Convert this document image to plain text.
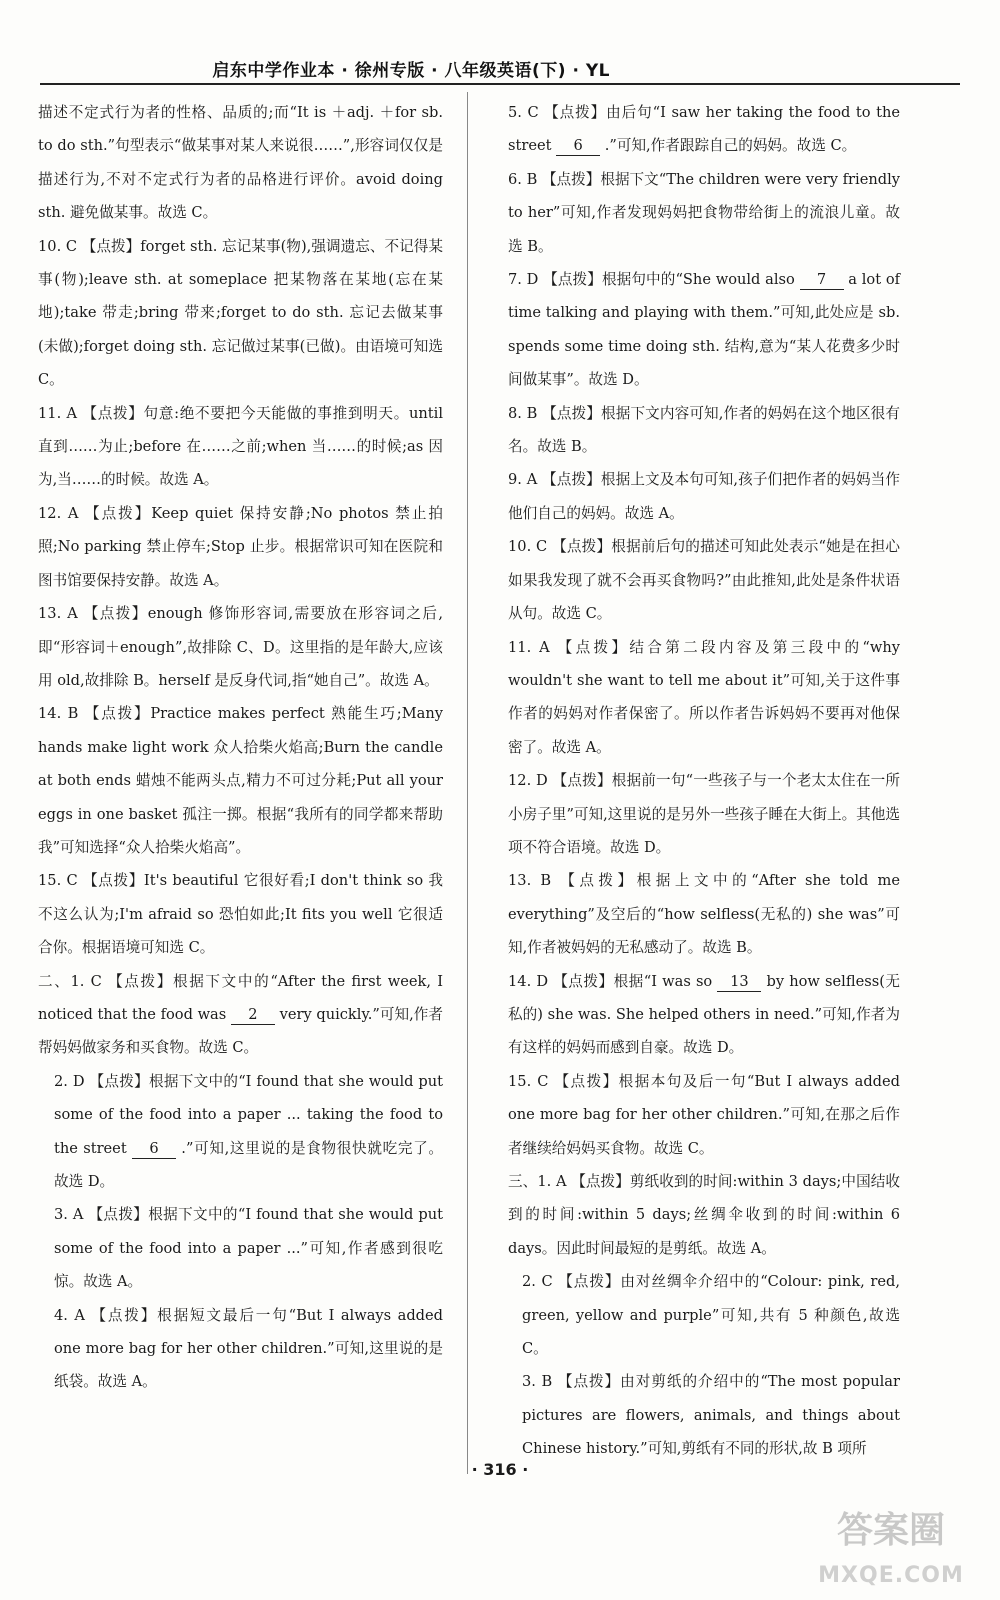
启东中学作业本 · 徐州专版 · 八年级英语(下) · YL

描述不定式行为者的性格、品质的;而“It is ＋adj. ＋for sb. to do sth.”句型表示“做某事对某人来说很……”,形容词仅仅是描述行为,不对不定式行为者的品格进行评价。avoid doing sth. 避免做某事。故选 C。

10. C 【点拨】forget sth. 忘记某事(物),强调遗忘、不记得某事(物);leave sth. at someplace 把某物落在某地(忘在某地);take 带走;bring 带来;forget to do sth. 忘记去做某事(未做);forget doing sth. 忘记做过某事(已做)。由语境可知选 C。

11. A 【点拨】句意:绝不要把今天能做的事推到明天。until 直到……为止;before 在……之前;when 当……的时候;as 因为,当……的时候。故选 A。

12. A 【点拨】Keep quiet 保持安静;No photos 禁止拍照;No parking 禁止停车;Stop 止步。根据常识可知在医院和图书馆要保持安静。故选 A。

13. A 【点拨】enough 修饰形容词,需要放在形容词之后,即“形容词＋enough”,故排除 C、D。这里指的是年龄大,应该用 old,故排除 B。herself 是反身代词,指“她自己”。故选 A。

14. B 【点拨】Practice makes perfect 熟能生巧;Many hands make light work 众人拾柴火焰高;Burn the candle at both ends 蜡烛不能两头点,精力不可过分耗;Put all your eggs in one basket 孤注一掷。根据“我所有的同学都来帮助我”可知选择“众人拾柴火焰高”。

15. C 【点拨】It's beautiful 它很好看;I don't think so 我不这么认为;I'm afraid so 恐怕如此;It fits you well 它很适合你。根据语境可知选 C。

二、1. C 【点拨】根据下文中的“After the first week, I noticed that the food was 2 very quickly.”可知,作者帮妈妈做家务和买食物。故选 C。

2. D 【点拨】根据下文中的“I found that she would put some of the food into a paper ... taking the food to the street 6 .”可知,这里说的是食物很快就吃完了。故选 D。

3. A 【点拨】根据下文中的“I found that she would put some of the food into a paper ...”可知,作者感到很吃惊。故选 A。

4. A 【点拨】根据短文最后一句“But I always added one more bag for her other children.”可知,这里说的是纸袋。故选 A。

5. C 【点拨】由后句“I saw her taking the food to the street 6 .”可知,作者跟踪自己的妈妈。故选 C。

6. B 【点拨】根据下文“The children were very friendly to her”可知,作者发现妈妈把食物带给街上的流浪儿童。故选 B。

7. D 【点拨】根据句中的“She would also 7 a lot of time talking and playing with them.”可知,此处应是 sb. spends some time doing sth. 结构,意为“某人花费多少时间做某事”。故选 D。

8. B 【点拨】根据下文内容可知,作者的妈妈在这个地区很有名。故选 B。

9. A 【点拨】根据上文及本句可知,孩子们把作者的妈妈当作他们自己的妈妈。故选 A。

10. C 【点拨】根据前后句的描述可知此处表示“她是在担心如果我发现了就不会再买食物吗?”由此推知,此处是条件状语从句。故选 C。

11. A 【点拨】结合第二段内容及第三段中的“why wouldn't she want to tell me about it”可知,关于这件事作者的妈妈对作者保密了。所以作者告诉妈妈不要再对他保密了。故选 A。

12. D 【点拨】根据前一句“一些孩子与一个老太太住在一所小房子里”可知,这里说的是另外一些孩子睡在大街上。其他选项不符合语境。故选 D。

13. B 【点拨】根据上文中的“After she told me everything”及空后的“how selfless(无私的) she was”可知,作者被妈妈的无私感动了。故选 B。

14. D 【点拨】根据“I was so 13 by how selfless(无私的) she was. She helped others in need.”可知,作者为有这样的妈妈而感到自豪。故选 D。

15. C 【点拨】根据本句及后一句“But I always added one more bag for her other children.”可知,在那之后作者继续给妈妈买食物。故选 C。

三、1. A 【点拨】剪纸收到的时间:within 3 days;中国结收到的时间:within 5 days;丝绸伞收到的时间:within 6 days。因此时间最短的是剪纸。故选 A。

2. C 【点拨】由对丝绸伞介绍中的“Colour: pink, red, green, yellow and purple”可知,共有 5 种颜色,故选 C。

3. B 【点拨】由对剪纸的介绍中的“The most popular pictures are flowers, animals, and things about Chinese history.”可知,剪纸有不同的形状,故 B 项所

· 316 ·
答案圈
MXQE.COM
